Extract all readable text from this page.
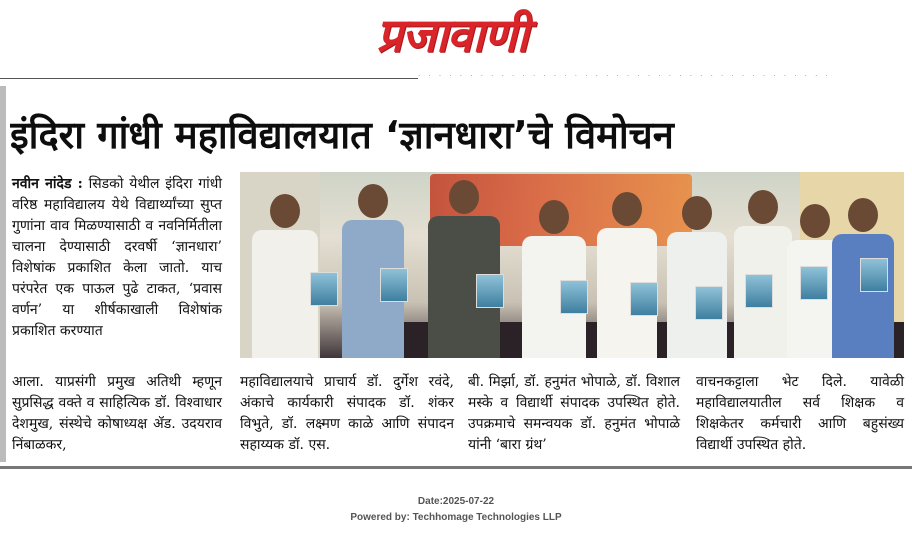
प्रजावाणी
· · · · · · · · · · · · · · · · · · · · · · · · · · · · · · · · · · · · · · · ·
इंदिरा गांधी महाविद्यालयात ‘ज्ञानधारा’चे विमोचन

नवीन नांदेड : सिडको येथील इंदिरा गांधी वरिष्ठ महाविद्यालय येथे विद्यार्थ्यांच्या सुप्त गुणांना वाव मिळण्यासाठी व नवनिर्मितीला चालना देण्यासाठी दरवर्षी ‘ज्ञानधारा’ विशेषांक प्रकाशित केला जातो. याच परंपरेत एक पाऊल पुढे टाकत, ‘प्रवास वर्णन’ या शीर्षकाखाली विशेषांक प्रकाशित करण्यात

आला. याप्रसंगी प्रमुख अतिथी म्हणून सुप्रसिद्ध वक्ते व साहित्यिक डॉ. विश्वाधार देशमुख, संस्थेचे कोषाध्यक्ष ॲड. उदयराव निंबाळकर,

महाविद्यालयाचे प्राचार्य डॉ. दुर्गेश रवंदे, अंकाचे कार्यकारी संपादक डॉ. शंकर विभुते, डॉ. लक्ष्मण काळे आणि संपादन सहाय्यक डॉ. एस.

बी. मिर्झा, डॉ. हनुमंत भोपाळे, डॉ. विशाल मस्के व विद्यार्थी संपादक उपस्थित होते. उपक्रमाचे समन्वयक डॉ. हनुमंत भोपाळे यांनी ‘बारा ग्रंथ’

वाचनकट्टाला भेट दिले. यावेळी महाविद्यालयातील सर्व शिक्षक व शिक्षकेतर कर्मचारी आणि बहुसंख्य विद्यार्थी उपस्थित होते.

Date:2025-07-22
Powered by: Techhomage Technologies LLP
